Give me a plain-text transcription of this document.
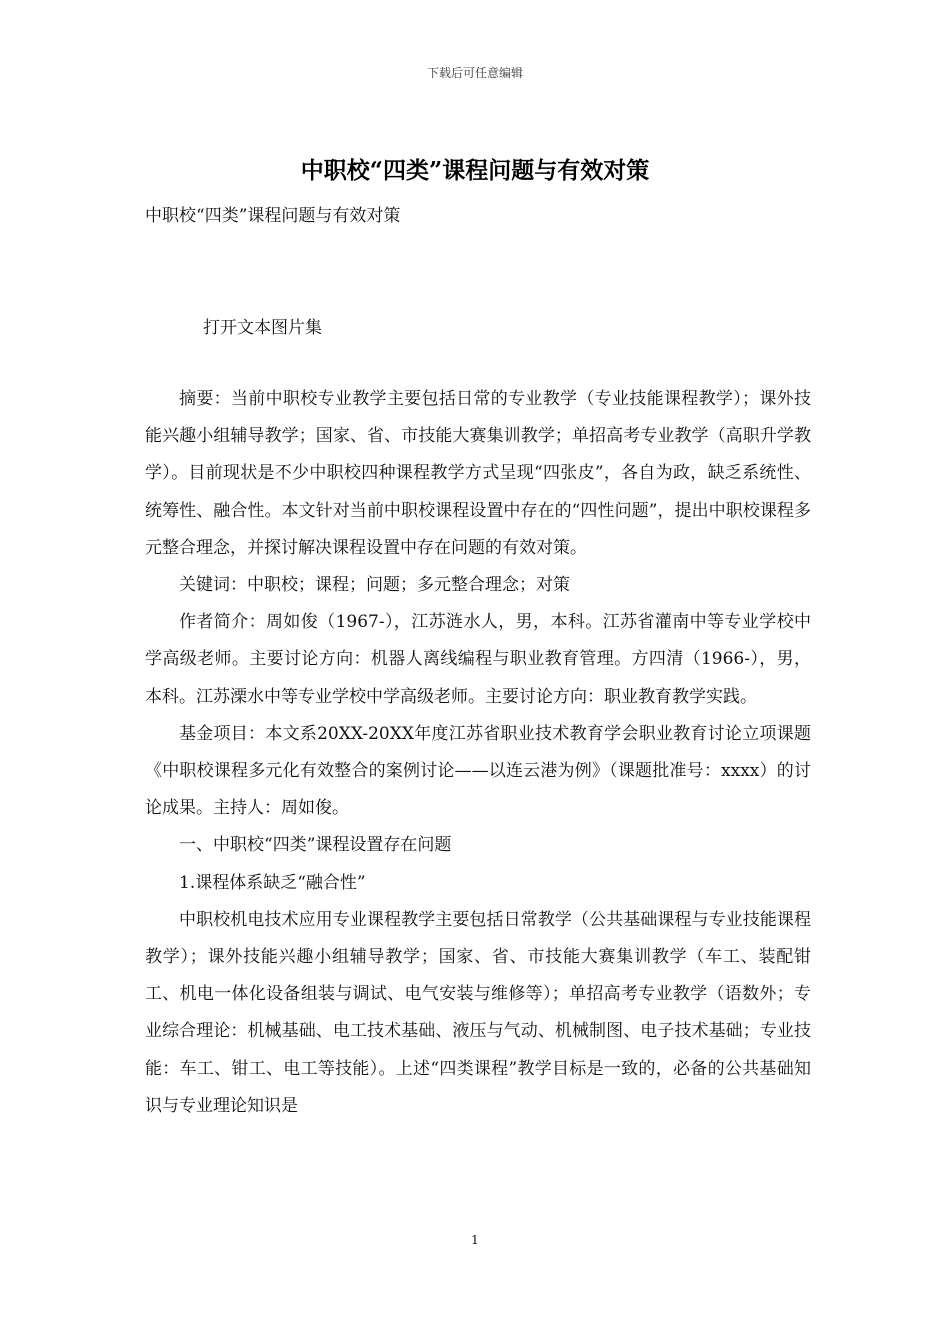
下载后可任意编辑
中职校“四类”课程问题与有效对策
中职校“四类”课程问题与有效对策
打开文本图片集

摘要：当前中职校专业教学主要包括日常的专业教学（专业技能课程教学）；课外技能兴趣小组辅导教学；国家、省、市技能大赛集训教学；单招高考专业教学（高职升学教学）。目前现状是不少中职校四种课程教学方式呈现“四张皮”，各自为政，缺乏系统性、统筹性、融合性。本文针对当前中职校课程设置中存在的“四性问题”，提出中职校课程多元整合理念，并探讨解决课程设置中存在问题的有效对策。

关键词：中职校；课程；问题；多元整合理念；对策

作者简介：周如俊（1967-），江苏涟水人，男，本科。江苏省灌南中等专业学校中学高级老师。主要讨论方向：机器人离线编程与职业教育管理。方四清（1966-），男，本科。江苏溧水中等专业学校中学高级老师。主要讨论方向：职业教育教学实践。

基金项目：本文系20XX-20XX年度江苏省职业技术教育学会职业教育讨论立项课题《中职校课程多元化有效整合的案例讨论——以连云港为例》（课题批准号：xxxx）的讨论成果。主持人：周如俊。

一、中职校“四类”课程设置存在问题

1.课程体系缺乏“融合性”

中职校机电技术应用专业课程教学主要包括日常教学（公共基础课程与专业技能课程教学）；课外技能兴趣小组辅导教学；国家、省、市技能大赛集训教学（车工、装配钳工、机电一体化设备组装与调试、电气安装与维修等）；单招高考专业教学（语数外；专业综合理论：机械基础、电工技术基础、液压与气动、机械制图、电子技术基础；专业技能：车工、钳工、电工等技能）。上述“四类课程”教学目标是一致的，必备的公共基础知识与专业理论知识是

1
